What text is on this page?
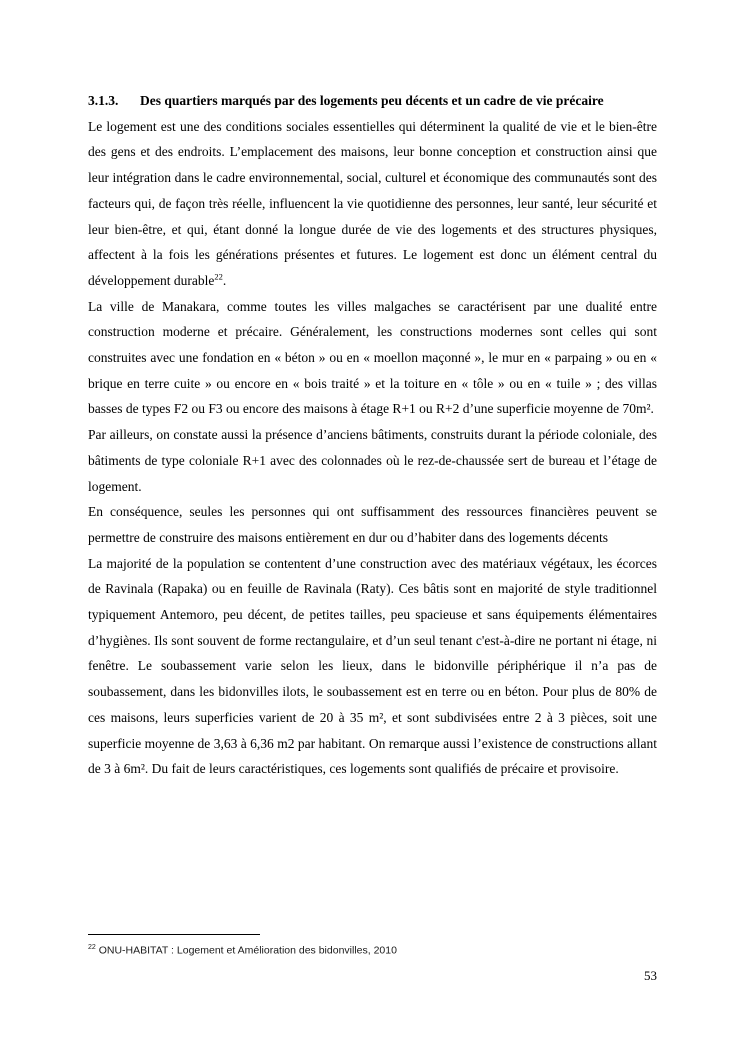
3.1.3. Des quartiers marqués par des logements peu décents et un cadre de vie précaire

Le logement est une des conditions sociales essentielles qui déterminent la qualité de vie et le bien-être des gens et des endroits. L’emplacement des maisons, leur bonne conception et construction ainsi que leur intégration dans le cadre environnemental, social, culturel et économique des communautés sont des facteurs qui, de façon très réelle, influencent la vie quotidienne des personnes, leur santé, leur sécurité et leur bien-être, et qui, étant donné la longue durée de vie des logements et des structures physiques, affectent à la fois les générations présentes et futures. Le logement est donc un élément central du développement durable$^{22}$.

La ville de Manakara, comme toutes les villes malgaches se caractérisent par une dualité entre construction moderne et précaire. Généralement, les constructions modernes sont celles qui sont construites avec une fondation en « béton » ou en « moellon maçonné », le mur en « parpaing » ou en « brique en terre cuite » ou encore en « bois traité » et la toiture en « tôle » ou en « tuile » ; des villas basses de types F2 ou F3 ou encore des maisons à étage R+1 ou R+2 d’une superficie moyenne de 70m².

Par ailleurs, on constate aussi la présence d’anciens bâtiments, construits durant la période coloniale, des bâtiments de type coloniale R+1 avec des colonnades où le rez-de-chaussée sert de bureau et l’étage de logement.

En conséquence, seules les personnes qui ont suffisamment des ressources financières peuvent se permettre de construire des maisons entièrement en dur ou d’habiter dans des logements décents

La majorité de la population se contentent d’une construction avec des matériaux végétaux, les écorces de Ravinala (Rapaka) ou en feuille de Ravinala (Raty). Ces bâtis sont en majorité de style traditionnel typiquement Antemoro, peu décent, de petites tailles, peu spacieuse et sans équipements élémentaires d’hygiènes. Ils sont souvent de forme rectangulaire, et d’un seul tenant c'est-à-dire ne portant ni étage, ni fenêtre. Le soubassement varie selon les lieux, dans le bidonville périphérique il n’a pas de soubassement, dans les bidonvilles ilots, le soubassement est en terre ou en béton. Pour plus de 80% de ces maisons, leurs superficies varient de 20 à 35 m², et sont subdivisées entre 2 à 3 pièces, soit une superficie moyenne de 3,63 à 6,36 m2 par habitant. On remarque aussi l’existence de constructions allant de 3 à 6m². Du fait de leurs caractéristiques, ces logements sont qualifiés de précaire et provisoire.

$^{22}$ ONU-HABITAT : Logement et Amélioration des bidonvilles, 2010
53
